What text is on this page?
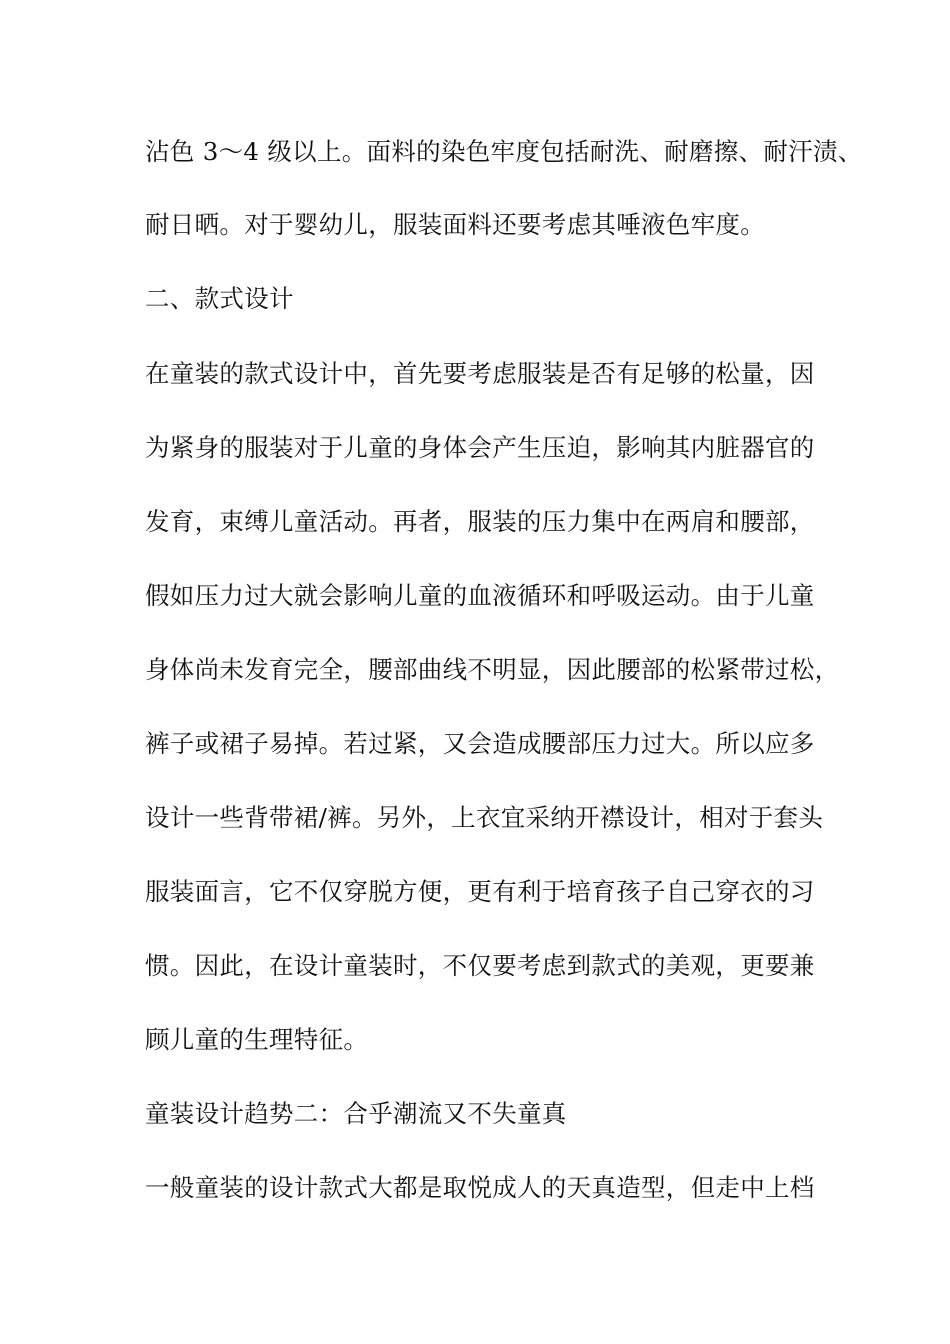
沾色 3～4 级以上。面料的染色牢度包括耐洗、耐磨擦、耐汗渍、
耐日晒。对于婴幼儿，服装面料还要考虑其唾液色牢度。
二、款式设计
在童装的款式设计中，首先要考虑服装是否有足够的松量，因
为紧身的服装对于儿童的身体会产生压迫，影响其内脏器官的
发育，束缚儿童活动。再者，服装的压力集中在两肩和腰部，
假如压力过大就会影响儿童的血液循环和呼吸运动。由于儿童
身体尚未发育完全，腰部曲线不明显，因此腰部的松紧带过松，
裤子或裙子易掉。若过紧，又会造成腰部压力过大。所以应多
设计一些背带裙/裤。另外，上衣宜采纳开襟设计，相对于套头
服装面言，它不仅穿脱方便，更有利于培育孩子自己穿衣的习
惯。因此，在设计童装时，不仅要考虑到款式的美观，更要兼
顾儿童的生理特征。
童装设计趋势二：合乎潮流又不失童真
一般童装的设计款式大都是取悦成人的天真造型，但走中上档
